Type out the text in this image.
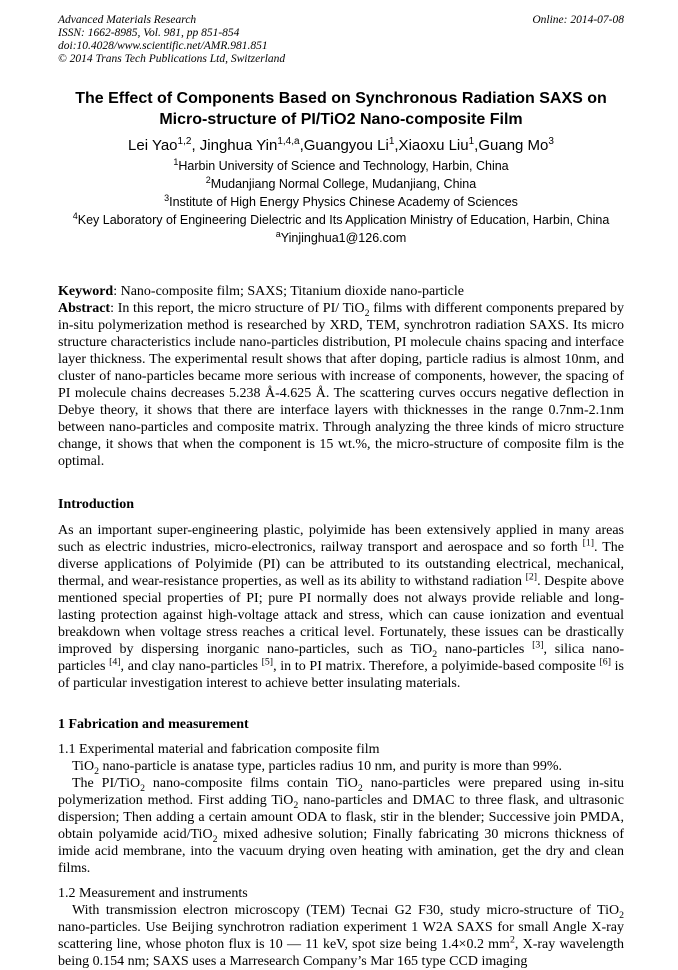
Advanced Materials Research
ISSN: 1662-8985, Vol. 981, pp 851-854
doi:10.4028/www.scientific.net/AMR.981.851
© 2014 Trans Tech Publications Ltd, Switzerland
Online: 2014-07-08
The Effect of Components Based on Synchronous Radiation SAXS on Micro-structure of PI/TiO2 Nano-composite Film
Lei Yao$^{1,2}$, Jinghua Yin$^{1,4,a}$,Guangyou Li$^1$,Xiaoxu Liu$^1$,Guang Mo$^3$
$^1$Harbin University of Science and Technology, Harbin, China
$^2$Mudanjiang Normal College, Mudanjiang, China
$^3$Institute of High Energy Physics Chinese Academy of Sciences
$^4$Key Laboratory of Engineering Dielectric and Its Application Ministry of Education, Harbin, China
$^a$Yinjinghua1@126.com
Keyword: Nano-composite film; SAXS; Titanium dioxide nano-particle
Abstract: In this report, the micro structure of PI/ TiO$_2$ films with different components prepared by in-situ polymerization method is researched by XRD, TEM, synchrotron radiation SAXS. Its micro structure characteristics include nano-particles distribution, PI molecule chains spacing and interface layer thickness. The experimental result shows that after doping, particle radius is almost 10nm, and cluster of nano-particles became more serious with increase of components, however, the spacing of PI molecule chains decreases 5.238 Å-4.625 Å. The scattering curves occurs negative deflection in Debye theory, it shows that there are interface layers with thicknesses in the range 0.7nm-2.1nm between nano-particles and composite matrix. Through analyzing the three kinds of micro structure change, it shows that when the component is 15 wt.%, the micro-structure of composite film is the optimal.
Introduction
As an important super-engineering plastic, polyimide has been extensively applied in many areas such as electric industries, micro-electronics, railway transport and aerospace and so forth [1]. The diverse applications of Polyimide (PI) can be attributed to its outstanding electrical, mechanical, thermal, and wear-resistance properties, as well as its ability to withstand radiation [2]. Despite above mentioned special properties of PI; pure PI normally does not always provide reliable and long-lasting protection against high-voltage attack and stress, which can cause ionization and eventual breakdown when voltage stress reaches a critical level. Fortunately, these issues can be drastically improved by dispersing inorganic nano-particles, such as TiO$_2$ nano-particles [3], silica nano-particles [4], and clay nano-particles [5], in to PI matrix. Therefore, a polyimide-based composite [6] is of particular investigation interest to achieve better insulating materials.
1 Fabrication and measurement
1.1 Experimental material and fabrication composite film
TiO$_2$ nano-particle is anatase type, particles radius 10 nm, and purity is more than 99%.
The PI/TiO$_2$ nano-composite films contain TiO$_2$ nano-particles were prepared using in-situ polymerization method. First adding TiO$_2$ nano-particles and DMAC to three flask, and ultrasonic dispersion; Then adding a certain amount ODA to flask, stir in the blender; Successive join PMDA, obtain polyamide acid/TiO$_2$ mixed adhesive solution; Finally fabricating 30 microns thickness of imide acid membrane, into the vacuum drying oven heating with amination, get the dry and clean films.
1.2 Measurement and instruments
With transmission electron microscopy (TEM) Tecnai G2 F30, study micro-structure of TiO$_2$ nano-particles. Use Beijing synchrotron radiation experiment 1 W2A SAXS for small Angle X-ray scattering line, whose photon flux is 10 — 11 keV, spot size being 1.4×0.2 $mm^2$, X-ray wavelength being 0.154 nm; SAXS uses a Marresearch Company’s Mar 165 type CCD imaging
